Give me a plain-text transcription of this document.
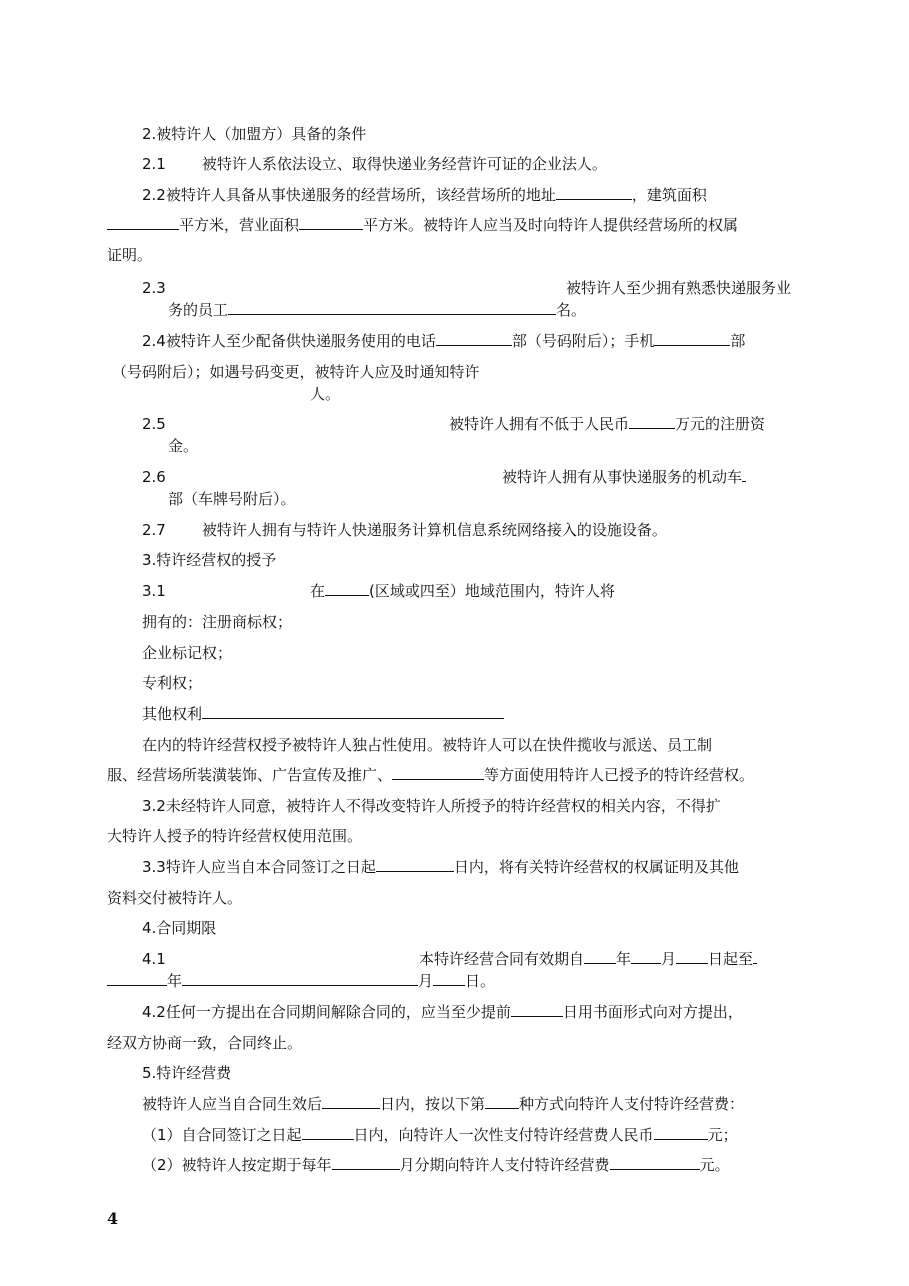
2.被特许人（加盟方）具备的条件
2.1 被特许人系依法设立、取得快递业务经营许可证的企业法人。
2.2被特许人具备从事快递服务的经营场所，该经营场所的地址	，建筑面积
平方米，营业面积	平方米。被特许人应当及时向特许人提供经营场所的权属
证明。
2.3	被特许人至少拥有熟悉快递服务业
务的员工	名。
2.4被特许人至少配备供快递服务使用的电话	部（号码附后）；手机	部
（号码附后）；如遇号码变更，被特许人应及时通知特许
人。
2.5	被特许人拥有不低于人民币	万元的注册资
金。
2.6	被特许人拥有从事快递服务的机动车
部（车牌号附后）。
2.7 被特许人拥有与特许人快递服务计算机信息系统网络接入的设施设备。
3.特许经营权的授予
3.1	在	(区域或四至）地域范围内，特许人将
拥有的：注册商标权；
企业标记权；
专利权；
其他权利
在内的特许经营权授予被特许人独占性使用。被特许人可以在快件揽收与派送、员工制
服、经营场所装潢装饰、广告宣传及推广、	等方面使用特许人已授予的特许经营权。
3.2未经特许人同意，被特许人不得改变特许人所授予的特许经营权的相关内容，不得扩
大特许人授予的特许经营权使用范围。
3.3特许人应当自本合同签订之日起	日内，将有关特许经营权的权属证明及其他
资料交付被特许人。
4.合同期限
4.1	本特许经营合同有效期自 年 月 日起至
年	月 日。
4.2任何一方提出在合同期间解除合同的，应当至少提前	日用书面形式向对方提出，
经双方协商一致，合同终止。
5.特许经营费
被特许人应当自合同生效后	日内，按以下第 种方式向特许人支付特许经营费：
（1）自合同签订之日起	日内，向特许人一次性支付特许经营费人民币	元；
（2）被特许人按定期于每年	月分期向特许人支付特许经营费	元。
4
